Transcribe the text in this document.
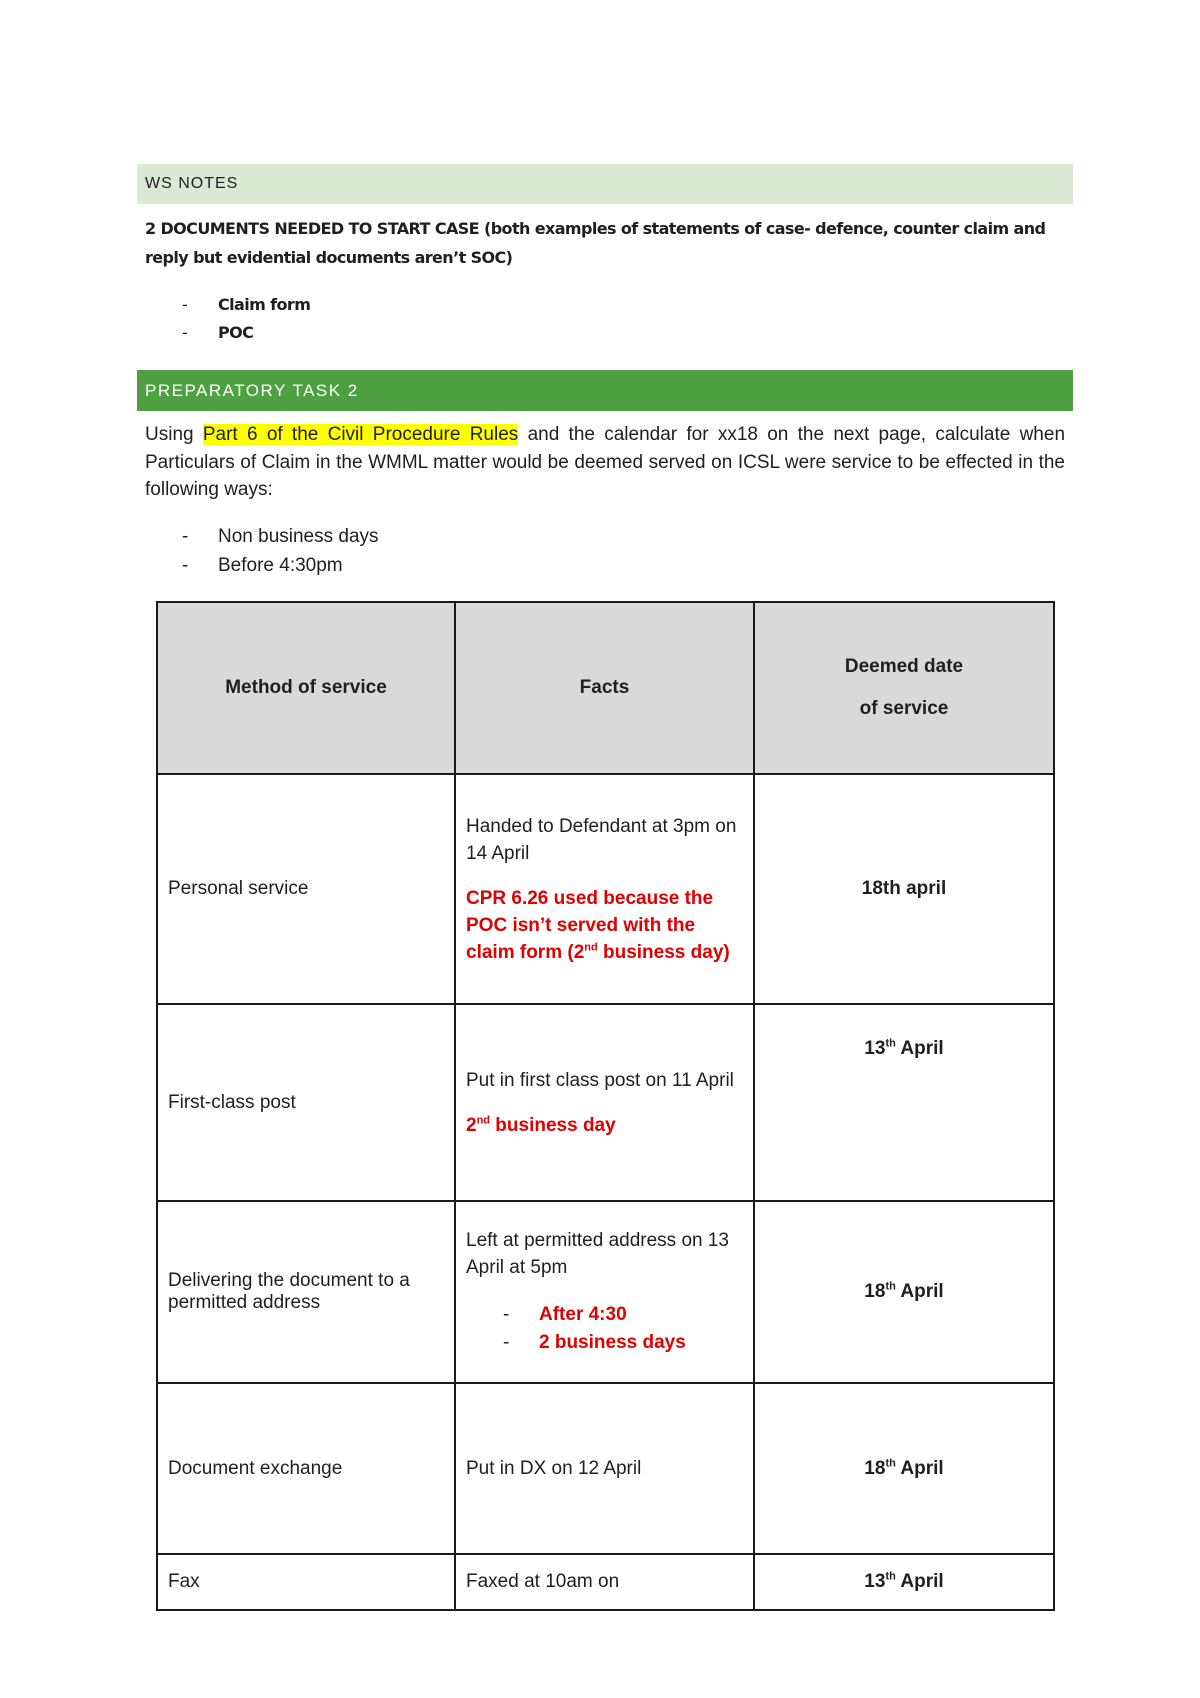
WS NOTES
2 DOCUMENTS NEEDED TO START CASE (both examples of statements of case- defence, counter claim and reply but evidential documents aren’t SOC)
- Claim form
- POC
PREPARATORY TASK 2
Using Part 6 of the Civil Procedure Rules and the calendar for xx18 on the next page, calculate when Particulars of Claim in the WMML matter would be deemed served on ICSL were service to be effected in the following ways:
- Non business days
- Before 4:30pm
Method of service	Facts	Deemed date
of service

Personal service	Handed to Defendant at 3pm on 14 April
CPR 6.26 used because the POC isn’t served with the claim form (2nd business day)	18th april
First-class post	Put in first class post on 11 April
2nd business day	13th April
Delivering the document to a permitted address	Left at permitted address on 13 April at 5pm
- After 4:30
- 2 business days	18th April
Document exchange	Put in DX on 12 April	18th April
Fax	Faxed at 10am on	13th April
